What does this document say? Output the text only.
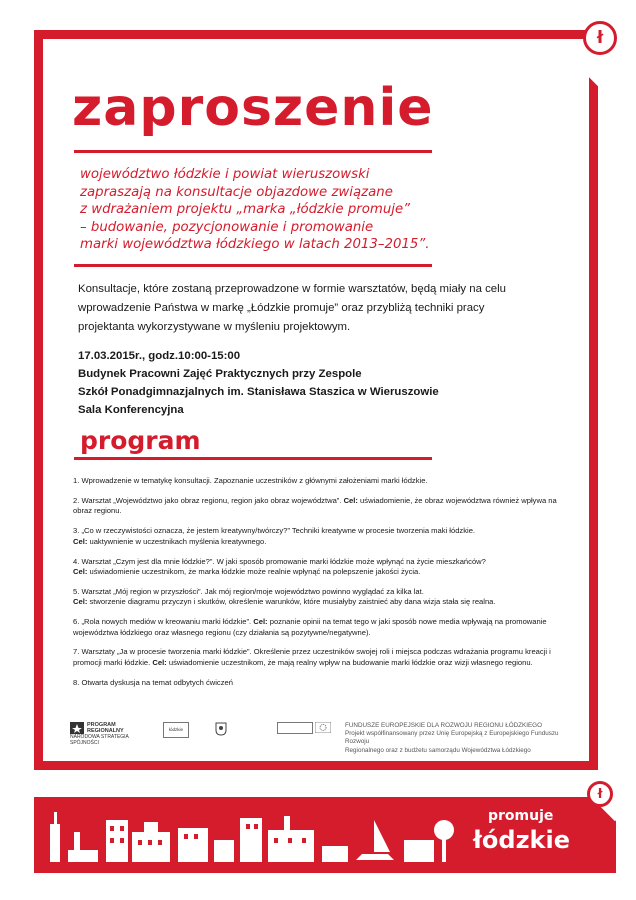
ł
zaproszenie
województwo łódzkie i powiat wieruszowski
zapraszają na konsultacje objazdowe związane
z wdrażaniem projektu „marka „łódzkie promuje”
– budowanie, pozycjonowanie i promowanie
marki województwa łódzkiego w latach 2013–2015”.
Konsultacje, które zostaną przeprowadzone w formie warsztatów, będą miały na celu
wprowadzenie Państwa w markę „Łódzkie promuje” oraz przybliżą techniki pracy
projektanta wykorzystywane w myśleniu projektowym.
17.03.2015r., godz.10:00-15:00
Budynek Pracowni Zajęć Praktycznych przy Zespole
Szkół Ponadgimnazjalnych im. Stanisława Staszica w Wieruszowie
Sala Konferencyjna
program
1. Wprowadzenie w tematykę konsultacji. Zapoznanie uczestników z głównymi założeniami marki łódzkie.
2. Warsztat „Województwo jako obraz regionu, region jako obraz województwa”. Cel: uświadomienie, że obraz województwa również wpływa na obraz regionu.
3. „Co w rzeczywistości oznacza, że jestem kreatywny/twórczy?” Techniki kreatywne w procesie tworzenia maki łódzkie.
Cel: uaktywnienie w uczestnikach myślenia kreatywnego.
4. Warsztat „Czym jest dla mnie łódzkie?”. W jaki sposób promowanie marki łódzkie może wpłynąć na życie mieszkańców?
Cel: uświadomienie uczestnikom, że marka łódzkie może realnie wpłynąć na polepszenie jakości życia.
5. Warsztat „Mój region w przyszłości”. Jak mój region/moje województwo powinno wyglądać za kilka lat.
Cel: stworzenie diagramu przyczyn i skutków, określenie warunków, które musiałyby zaistnieć aby dana wizja stała się realna.
6. „Rola nowych mediów w kreowaniu marki łódzkie”. Cel: poznanie opinii na temat tego w jaki sposób nowe media wpływają na promowanie województwa łódzkiego oraz własnego regionu (czy działania są pozytywne/negatywne).
7. Warsztaty „Ja w procesie tworzenia marki łódzkie”. Określenie przez uczestników swojej roli i miejsca podczas wdrażania programu kreacji i promocji marki łódzkie. Cel: uświadomienie uczestnikom, że mają realny wpływ na budowanie marki łódzkie oraz wizji własnego regionu.
8. Otwarta dyskusja na temat odbytych ćwiczeń
PROGRAM REGIONALNY
NARODOWA STRATEGIA SPÓJNOŚCI
łódzkie
FUNDUSZE EUROPEJSKIE DLA ROZWOJU REGIONU ŁÓDZKIEGO
Projekt współfinansowany przez Unię Europejską z Europejskiego Funduszu Rozwoju
Regionalnego oraz z budżetu samorządu Województwa Łódzkiego
ł
promuje
łódzkie
